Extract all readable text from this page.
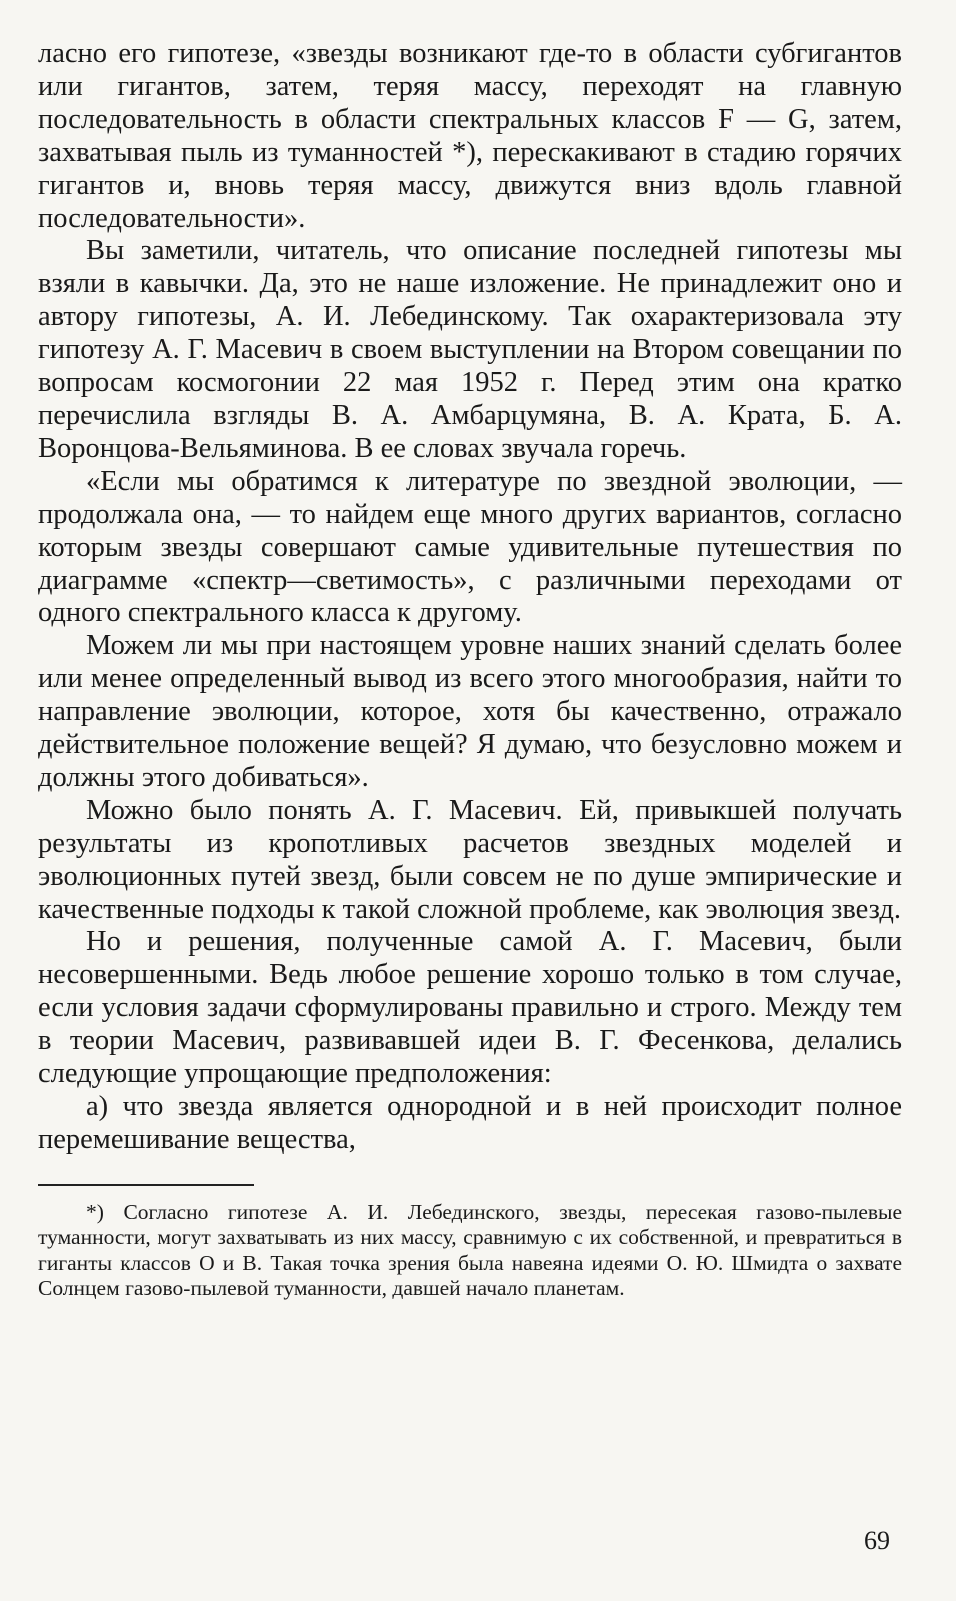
ласно его гипотезе, «звезды возникают где-то в области субгигантов или гигантов, затем, теряя массу, переходят на главную последовательность в области спектральных классов F — G, затем, захватывая пыль из туманностей *), перескакивают в стадию горячих гигантов и, вновь теряя массу, движутся вниз вдоль главной последовательности».

Вы заметили, читатель, что описание последней гипотезы мы взяли в кавычки. Да, это не наше изложение. Не принадлежит оно и автору гипотезы, А. И. Лебединскому. Так охарактеризовала эту гипотезу А. Г. Масевич в своем выступлении на Втором совещании по вопросам космогонии 22 мая 1952 г. Перед этим она кратко перечислила взгляды В. А. Амбарцумяна, В. А. Крата, Б. А. Воронцова-Вельяминова. В ее словах звучала горечь.

«Если мы обратимся к литературе по звездной эволюции, — продолжала она, — то найдем еще много других вариантов, согласно которым звезды совершают самые удивительные путешествия по диаграмме «спектр—светимость», с различными переходами от одного спектрального класса к другому.

Можем ли мы при настоящем уровне наших знаний сделать более или менее определенный вывод из всего этого многообразия, найти то направление эволюции, которое, хотя бы качественно, отражало действительное положение вещей? Я думаю, что безусловно можем и должны этого добиваться».

Можно было понять А. Г. Масевич. Ей, привыкшей получать результаты из кропотливых расчетов звездных моделей и эволюционных путей звезд, были совсем не по душе эмпирические и качественные подходы к такой сложной проблеме, как эволюция звезд.

Но и решения, полученные самой А. Г. Масевич, были несовершенными. Ведь любое решение хорошо только в том случае, если условия задачи сформулированы правильно и строго. Между тем в теории Масевич, развивавшей идеи В. Г. Фесенкова, делались следующие упрощающие предположения:

а) что звезда является однородной и в ней происходит полное перемешивание вещества,

*) Согласно гипотезе А. И. Лебединского, звезды, пересекая газово-пылевые туманности, могут захватывать из них массу, сравнимую с их собственной, и превратиться в гиганты классов О и В. Такая точка зрения была навеяна идеями О. Ю. Шмидта о захвате Солнцем газово-пылевой туманности, давшей начало планетам.

69
